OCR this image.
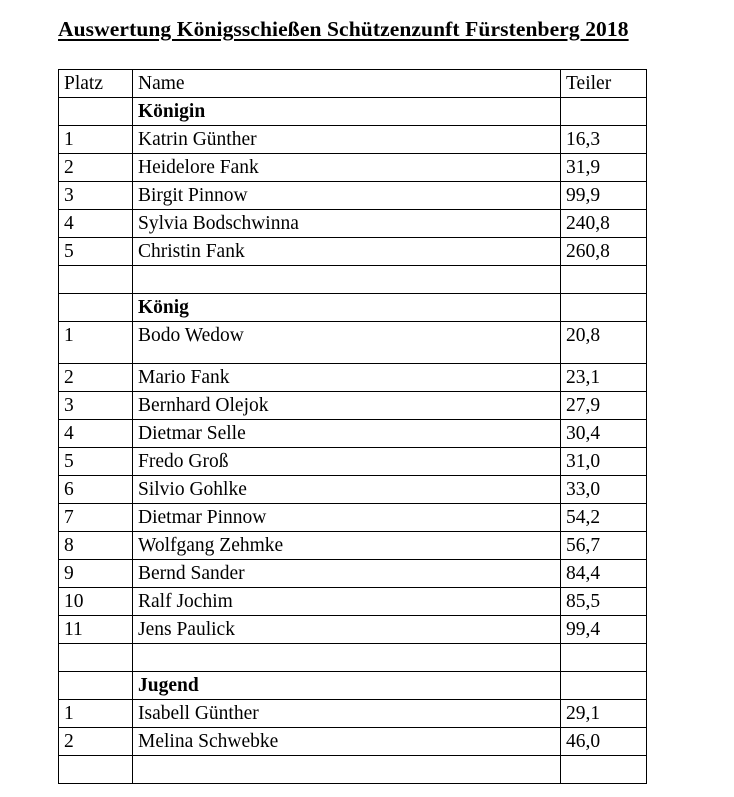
Auswertung Königsschießen Schützenzunft Fürstenberg 2018
Platz	Name	Teiler
Königin
1	Katrin Günther	16,3
2	Heidelore Fank	31,9
3	Birgit Pinnow	99,9
4	Sylvia Bodschwinna	240,8
5	Christin Fank	260,8
König
1	Bodo Wedow	20,8
2	Mario Fank	23,1
3	Bernhard Olejok	27,9
4	Dietmar Selle	30,4
5	Fredo Groß	31,0
6	Silvio Gohlke	33,0
7	Dietmar Pinnow	54,2
8	Wolfgang Zehmke	56,7
9	Bernd Sander	84,4
10	Ralf Jochim	85,5
11	Jens Paulick	99,4
Jugend
1	Isabell Günther	29,1
2	Melina Schwebke	46,0
